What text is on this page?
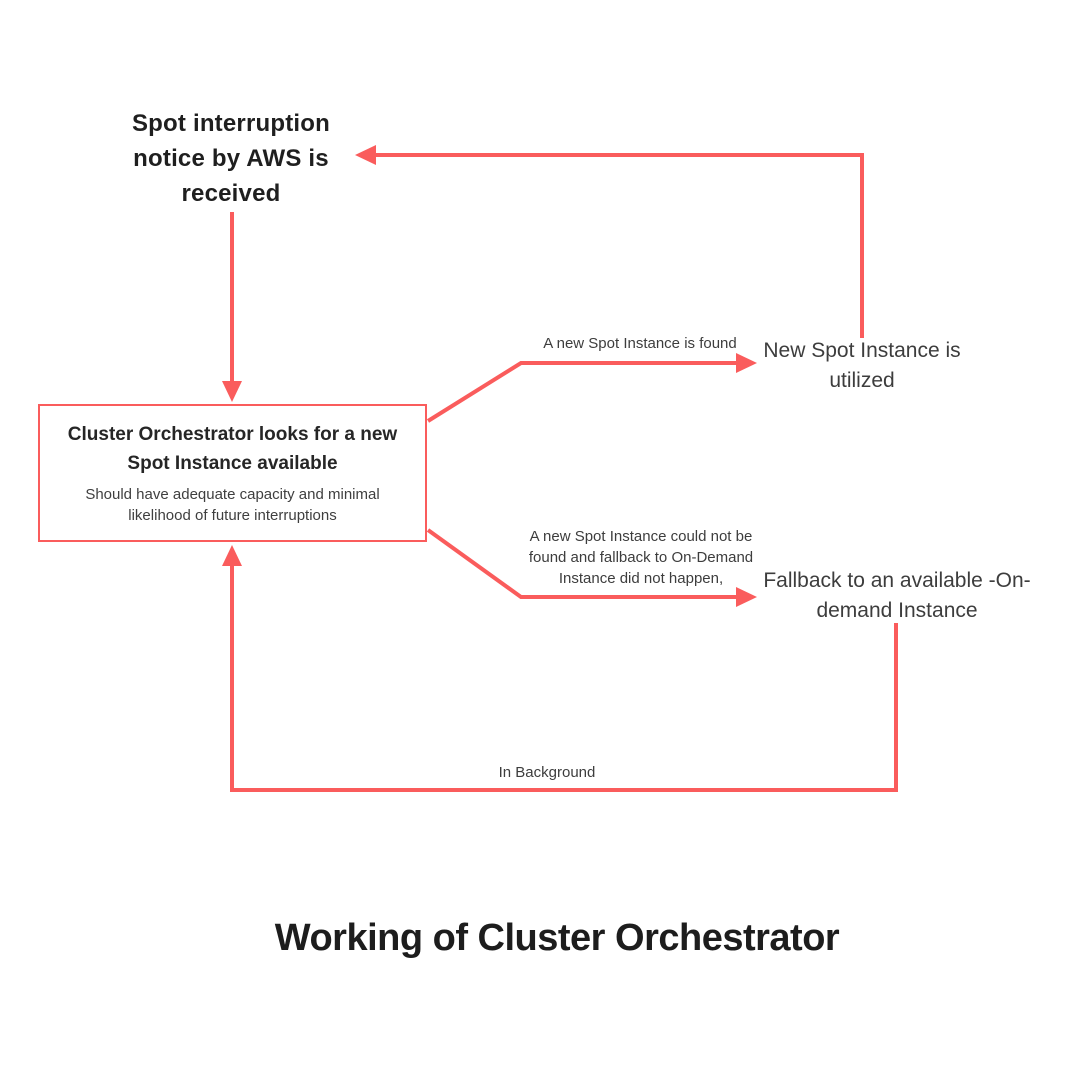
Spot interruption notice by AWS is received
Cluster Orchestrator looks for a new Spot Instance available
Should have adequate capacity and minimal likelihood of future interruptions
New Spot Instance is utilized
Fallback to an available -On-demand Instance
A new Spot Instance is found
A new Spot Instance could not be found and fallback to On-Demand Instance did not happen,
In Background
Working of Cluster Orchestrator
